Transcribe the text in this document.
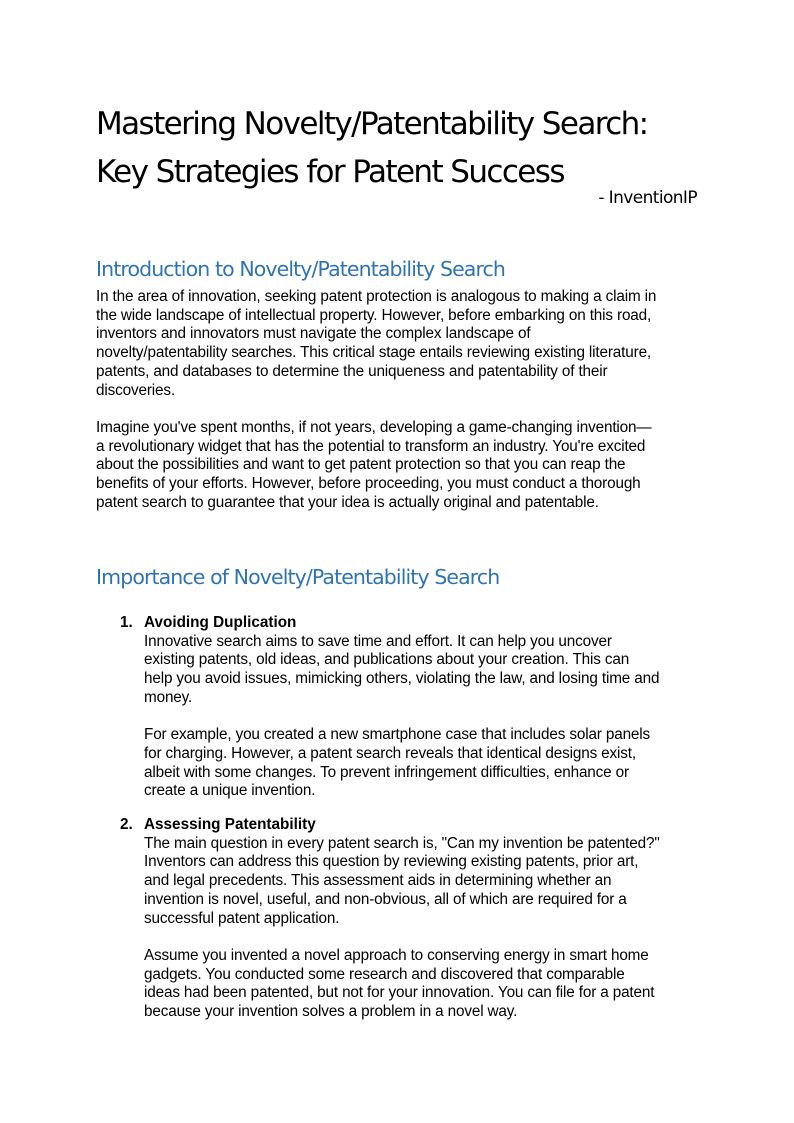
Mastering Novelty/Patentability Search:
Key Strategies for Patent Success
- InventionIP
Introduction to Novelty/Patentability Search

In the area of innovation, seeking patent protection is analogous to making a claim in
the wide landscape of intellectual property. However, before embarking on this road,
inventors and innovators must navigate the complex landscape of
novelty/patentability searches. This critical stage entails reviewing existing literature,
patents, and databases to determine the uniqueness and patentability of their
discoveries.

Imagine you've spent months, if not years, developing a game-changing invention—
a revolutionary widget that has the potential to transform an industry. You're excited
about the possibilities and want to get patent protection so that you can reap the
benefits of your efforts. However, before proceeding, you must conduct a thorough
patent search to guarantee that your idea is actually original and patentable.

Importance of Novelty/Patentability Search
1. Avoiding Duplication

Innovative search aims to save time and effort. It can help you uncover
existing patents, old ideas, and publications about your creation. This can
help you avoid issues, mimicking others, violating the law, and losing time and
money.

For example, you created a new smartphone case that includes solar panels
for charging. However, a patent search reveals that identical designs exist,
albeit with some changes. To prevent infringement difficulties, enhance or
create a unique invention.

2. Assessing Patentability

The main question in every patent search is, "Can my invention be patented?"
Inventors can address this question by reviewing existing patents, prior art,
and legal precedents. This assessment aids in determining whether an
invention is novel, useful, and non-obvious, all of which are required for a
successful patent application.

Assume you invented a novel approach to conserving energy in smart home
gadgets. You conducted some research and discovered that comparable
ideas had been patented, but not for your innovation. You can file for a patent
because your invention solves a problem in a novel way.
